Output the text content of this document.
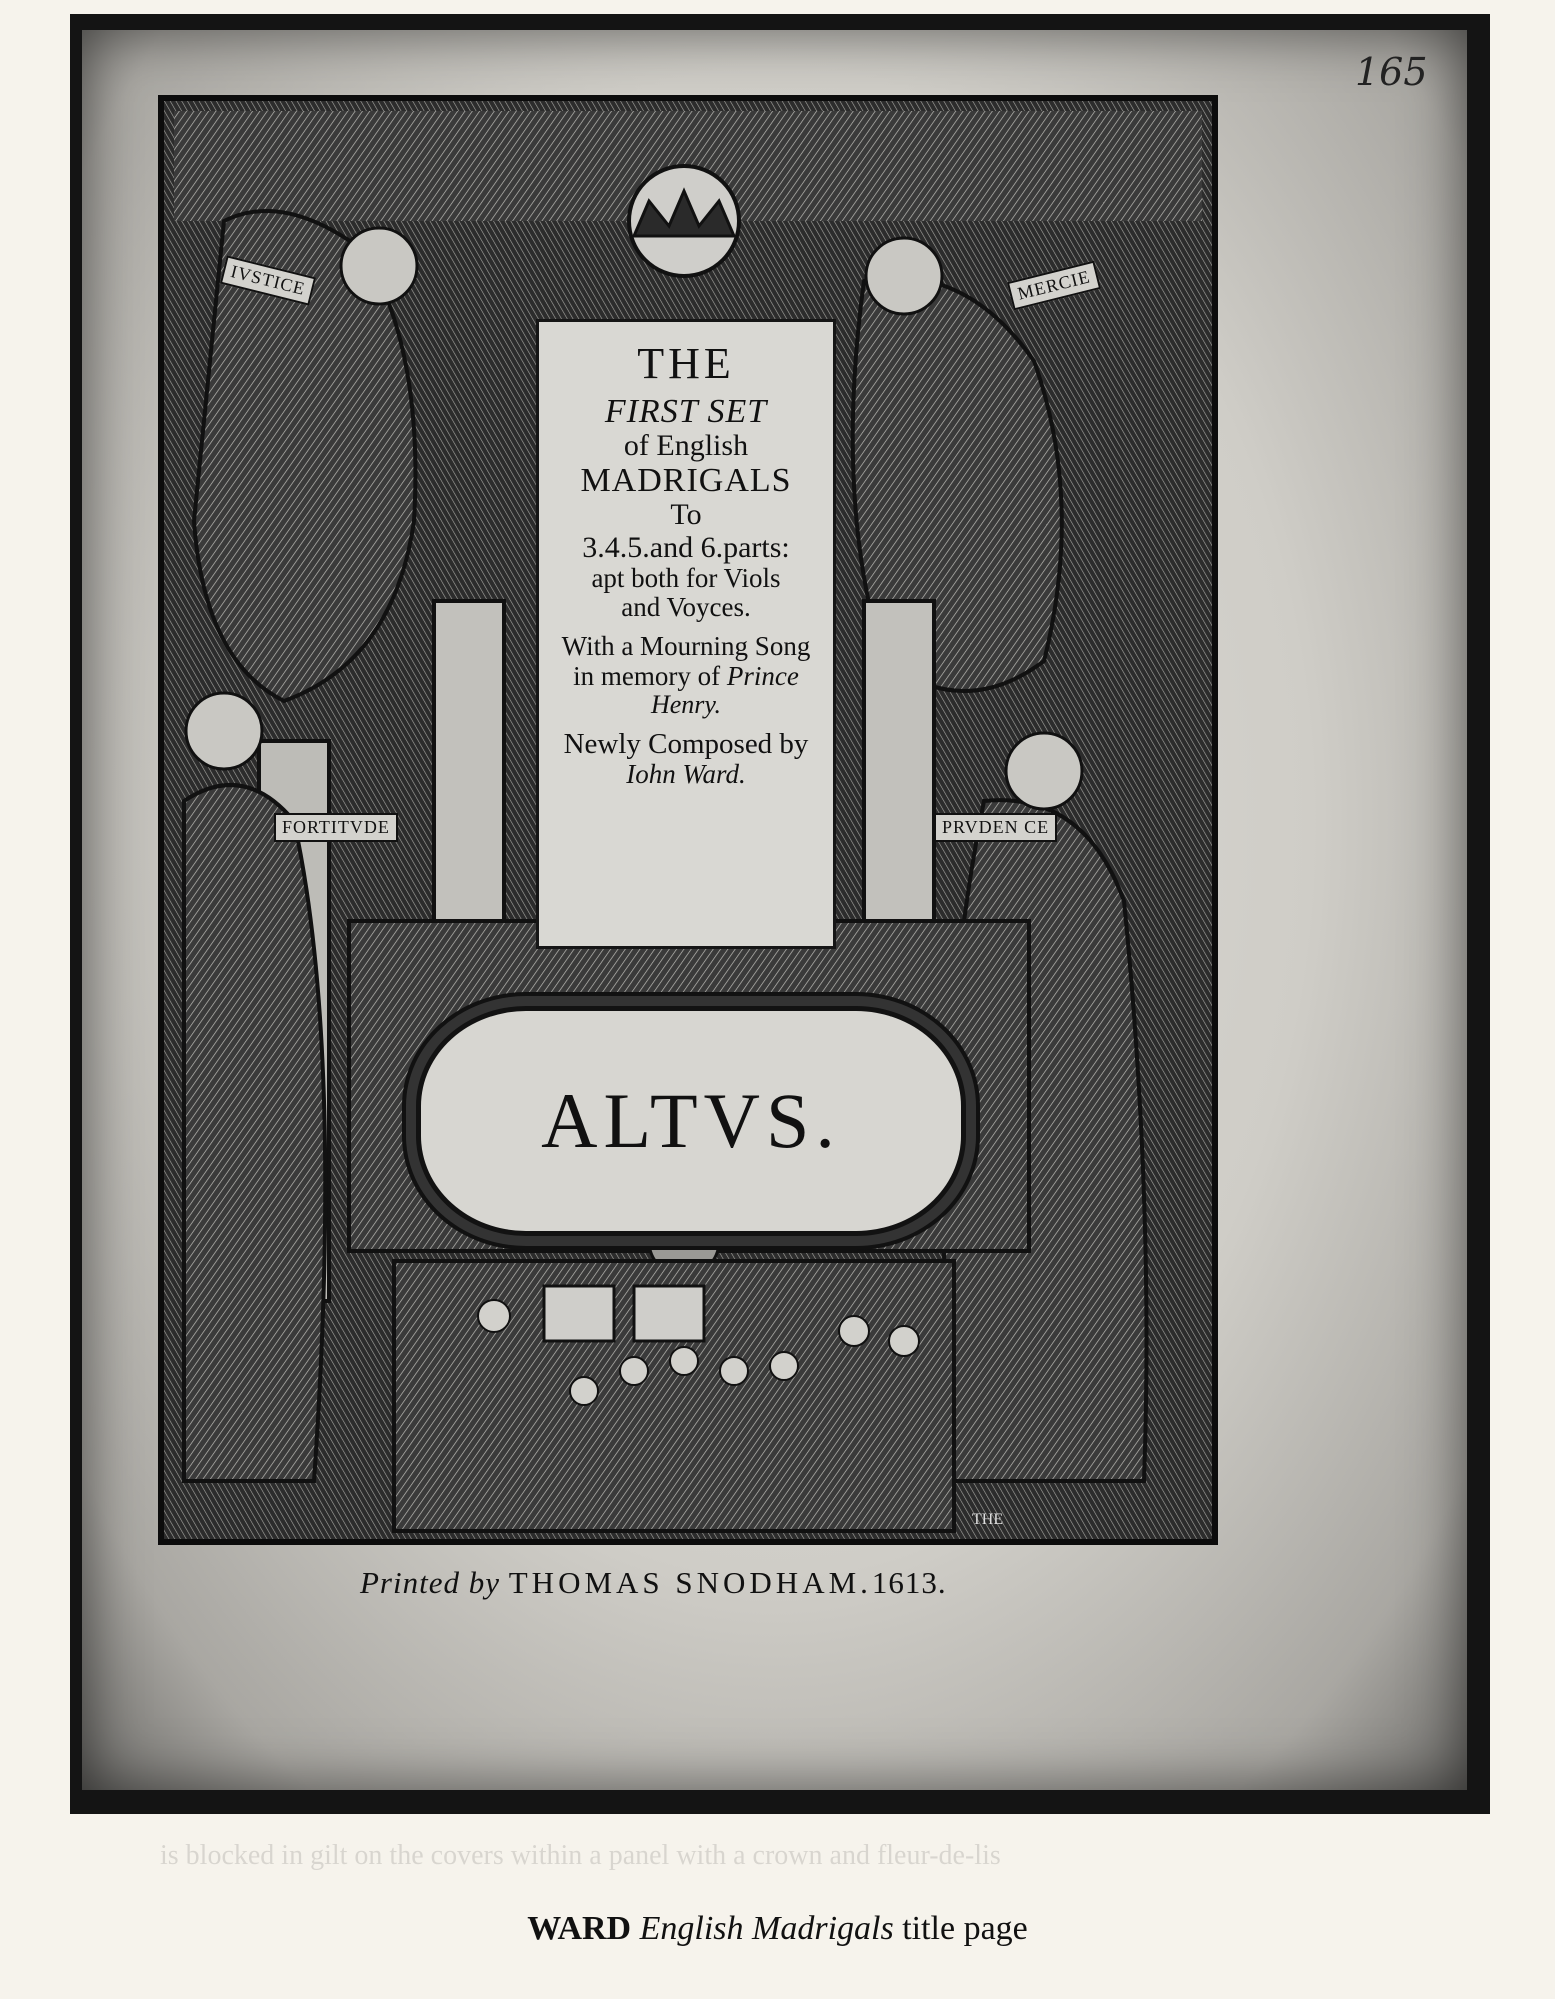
165
IVSTICE	MERCIE
FORTITVDE	PRVDEN CE
THE
FIRST SET
of English
MADRIGALS
To
3.4.5.and 6.parts:
apt both for Viols
and Voyces.
With a Mourning Song
in memory of Prince
Henry.
Newly Composed by
Iohn Ward.
ALTVS.
THE
Printed by THOMAS SNODHAM.1613.
is blocked in gilt on the covers within a panel with a crown and fleur-de-lis
WARD English Madrigals title page
